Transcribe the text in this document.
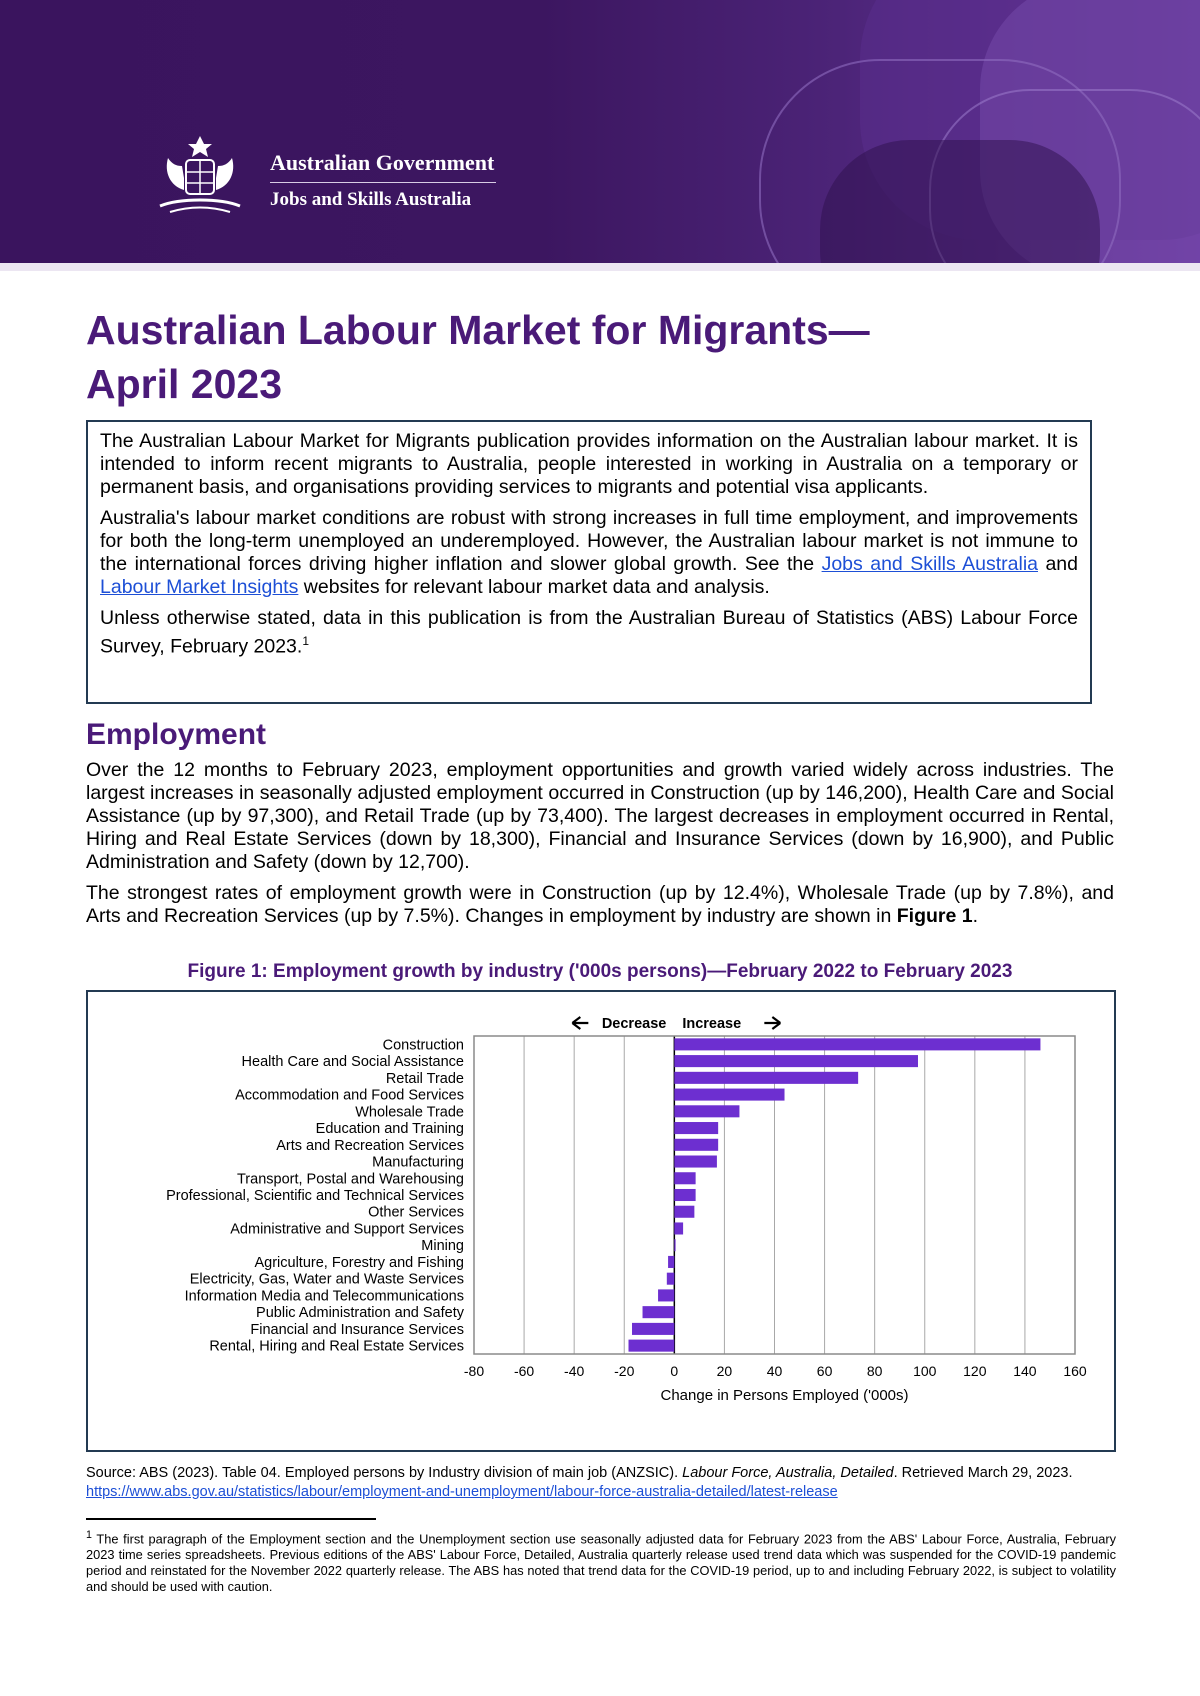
Australian Government
Jobs and Skills Australia
Australian Labour Market for Migrants—
April 2023

The Australian Labour Market for Migrants publication provides information on the Australian labour market. It is intended to inform recent migrants to Australia, people interested in working in Australia on a temporary or permanent basis, and organisations providing services to migrants and potential visa applicants.

Australia's labour market conditions are robust with strong increases in full time employment, and improvements for both the long-term unemployed an underemployed. However, the Australian labour market is not immune to the international forces driving higher inflation and slower global growth. See the Jobs and Skills Australia and Labour Market Insights websites for relevant labour market data and analysis.

Unless otherwise stated, data in this publication is from the Australian Bureau of Statistics (ABS) Labour Force Survey, February 2023.$^1$

Employment

Over the 12 months to February 2023, employment opportunities and growth varied widely across industries. The largest increases in seasonally adjusted employment occurred in Construction (up by 146,200), Health Care and Social Assistance (up by 97,300), and Retail Trade (up by 73,400). The largest decreases in employment occurred in Rental, Hiring and Real Estate Services (down by 18,300), Financial and Insurance Services (down by 16,900), and Public Administration and Safety (down by 12,700).

The strongest rates of employment growth were in Construction (up by 12.4%), Wholesale Trade (up by 7.8%), and Arts and Recreation Services (up by 7.5%). Changes in employment by industry are shown in Figure 1.

Figure 1: Employment growth by industry ('000s persons)—February 2022 to February 2023
-80 -60 -40 -20	0	20 40 60 80 100 120 140 160
Construction
Health Care and Social Assistance
Retail Trade
Accommodation and Food Services
Wholesale Trade
Education and Training
Arts and Recreation Services
Manufacturing
Transport, Postal and Warehousing
Professional, Scientific and Technical Services
Other Services
Administrative and Support Services
Mining
Agriculture, Forestry and Fishing
Electricity, Gas, Water and Waste Services
Information Media and Telecommunications
Public Administration and Safety
Financial and Insurance Services
Rental, Hiring and Real Estate Services
Change in Persons Employed ('000s)
Decrease Increase

Source: ABS (2023). Table 04. Employed persons by Industry division of main job (ANZSIC). Labour Force, Australia, Detailed. Retrieved March 29, 2023. https://www.abs.gov.au/statistics/labour/employment-and-unemployment/labour-force-australia-detailed/latest-release

$^1$ The first paragraph of the Employment section and the Unemployment section use seasonally adjusted data for February 2023 from the ABS' Labour Force, Australia, February 2023 time series spreadsheets. Previous editions of the ABS' Labour Force, Detailed, Australia quarterly release used trend data which was suspended for the COVID-19 pandemic period and reinstated for the November 2022 quarterly release. The ABS has noted that trend data for the COVID-19 period, up to and including February 2022, is subject to volatility and should be used with caution.
